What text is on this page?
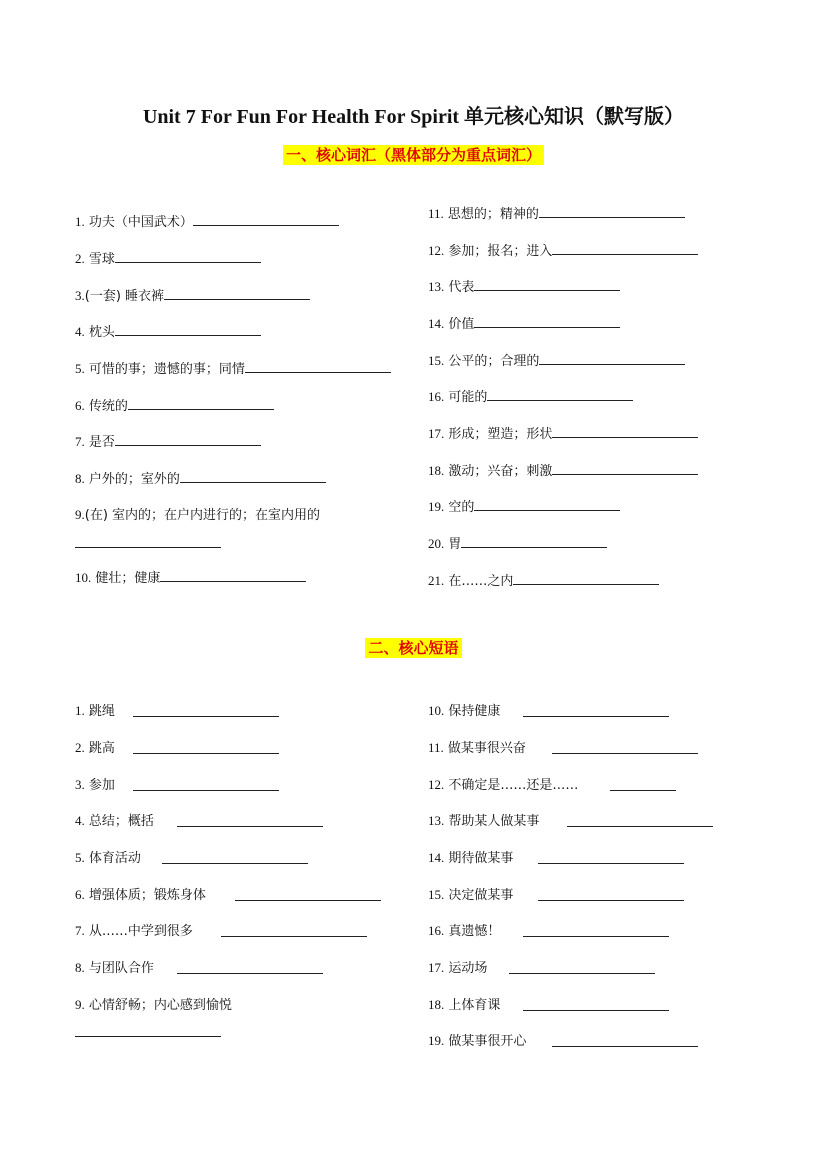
Unit 7 For Fun For Health For Spirit 单元核心知识（默写版）
一、核心词汇（黑体部分为重点词汇）
1. 功夫（中国武术）
2. 雪球
3.(一套) 睡衣裤
4. 枕头
5. 可惜的事；遗憾的事；同情
6. 传统的
7. 是否
8. 户外的；室外的
9.(在) 室内的；在户内进行的；在室内用的
10. 健壮；健康
11. 思想的；精神的
12. 参加；报名；进入
13. 代表
14. 价值
15. 公平的；合理的
16. 可能的
17. 形成；塑造；形状
18. 激动；兴奋；刺激
19. 空的
20. 胃
21. 在……之内
二、核心短语
1. 跳绳
2. 跳高
3. 参加
4. 总结；概括
5. 体育活动
6. 增强体质；锻炼身体
7. 从……中学到很多
8. 与团队合作
9. 心情舒畅；内心感到愉悦
10. 保持健康
11. 做某事很兴奋
12. 不确定是……还是……
13. 帮助某人做某事
14. 期待做某事
15. 决定做某事
16. 真遗憾！
17. 运动场
18. 上体育课
19. 做某事很开心
